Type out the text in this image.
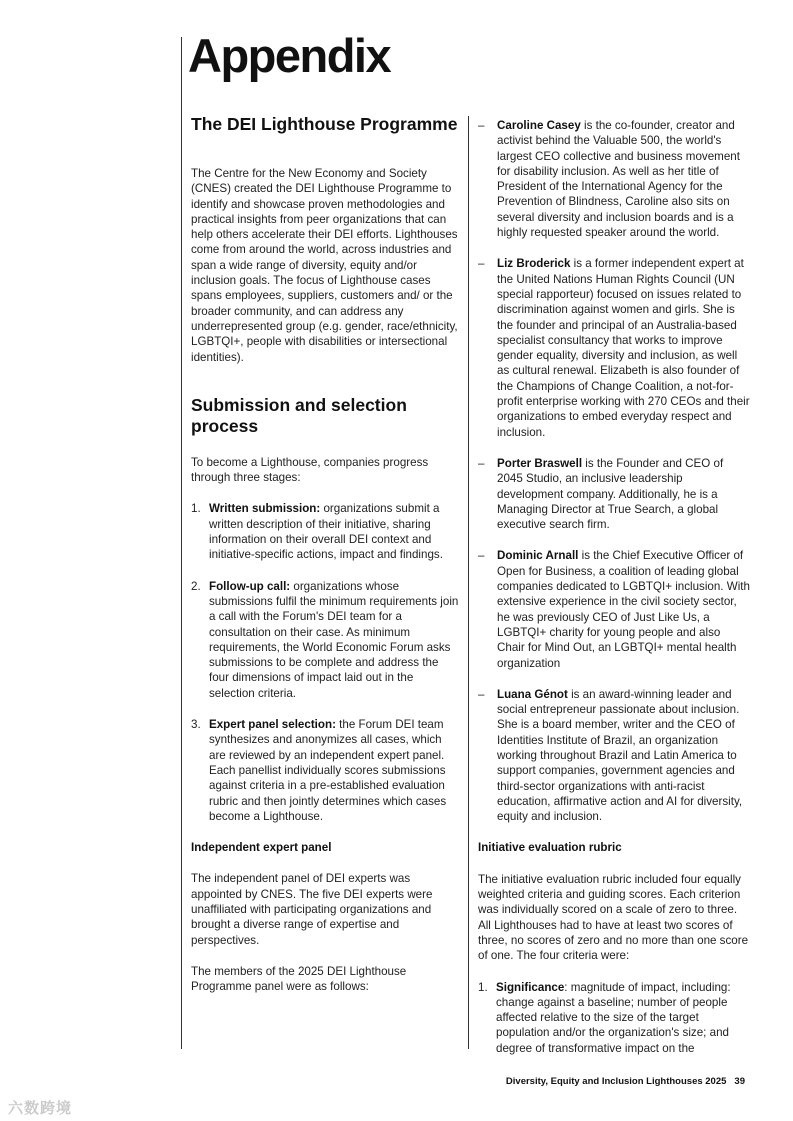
Appendix
The DEI Lighthouse Programme

The Centre for the New Economy and Society (CNES) created the DEI Lighthouse Programme to identify and showcase proven methodologies and practical insights from peer organizations that can help others accelerate their DEI efforts. Lighthouses come from around the world, across industries and span a wide range of diversity, equity and/or inclusion goals. The focus of Lighthouse cases spans employees, suppliers, customers and/ or the broader community, and can address any underrepresented group (e.g. gender, race/ethnicity, LGBTQI+, people with disabilities or intersectional identities).

Submission and selection process

To become a Lighthouse, companies progress through three stages:

1. Written submission: organizations submit a written description of their initiative, sharing information on their overall DEI context and initiative-specific actions, impact and findings.
2. Follow-up call: organizations whose submissions fulfil the minimum requirements join a call with the Forum's DEI team for a consultation on their case. As minimum requirements, the World Economic Forum asks submissions to be complete and address the four dimensions of impact laid out in the selection criteria.
3. Expert panel selection: the Forum DEI team synthesizes and anonymizes all cases, which are reviewed by an independent expert panel. Each panellist individually scores submissions against criteria in a pre-established evaluation rubric and then jointly determines which cases become a Lighthouse.
Independent expert panel

The independent panel of DEI experts was appointed by CNES. The five DEI experts were unaffiliated with participating organizations and brought a diverse range of expertise and perspectives.

The members of the 2025 DEI Lighthouse Programme panel were as follows:

–	Caroline Casey is the co-founder, creator and activist behind the Valuable 500, the world's largest CEO collective and business movement for disability inclusion. As well as her title of President of the International Agency for the Prevention of Blindness, Caroline also sits on several diversity and inclusion boards and is a highly requested speaker around the world.
–	Liz Broderick is a former independent expert at the United Nations Human Rights Council (UN special rapporteur) focused on issues related to discrimination against women and girls. She is the founder and principal of an Australia-based specialist consultancy that works to improve gender equality, diversity and inclusion, as well as cultural renewal. Elizabeth is also founder of the Champions of Change Coalition, a not-for-profit enterprise working with 270 CEOs and their organizations to embed everyday respect and inclusion.
–	Porter Braswell is the Founder and CEO of 2045 Studio, an inclusive leadership development company. Additionally, he is a Managing Director at True Search, a global executive search firm.
–	Dominic Arnall is the Chief Executive Officer of Open for Business, a coalition of leading global companies dedicated to LGBTQI+ inclusion. With extensive experience in the civil society sector, he was previously CEO of Just Like Us, a LGBTQI+ charity for young people and also Chair for Mind Out, an LGBTQI+ mental health organization
–	Luana Génot is an award-winning leader and social entrepreneur passionate about inclusion. She is a board member, writer and the CEO of Identities Institute of Brazil, an organization working throughout Brazil and Latin America to support companies, government agencies and third-sector organizations with anti-racist education, affirmative action and AI for diversity, equity and inclusion.
Initiative evaluation rubric

The initiative evaluation rubric included four equally weighted criteria and guiding scores. Each criterion was individually scored on a scale of zero to three. All Lighthouses had to have at least two scores of three, no scores of zero and no more than one score of one. The four criteria were:

1. Significance: magnitude of impact, including: change against a baseline; number of people affected relative to the size of the target population and/or the organization's size; and degree of transformative impact on the
Diversity, Equity and Inclusion Lighthouses 2025 39
六数跨境
